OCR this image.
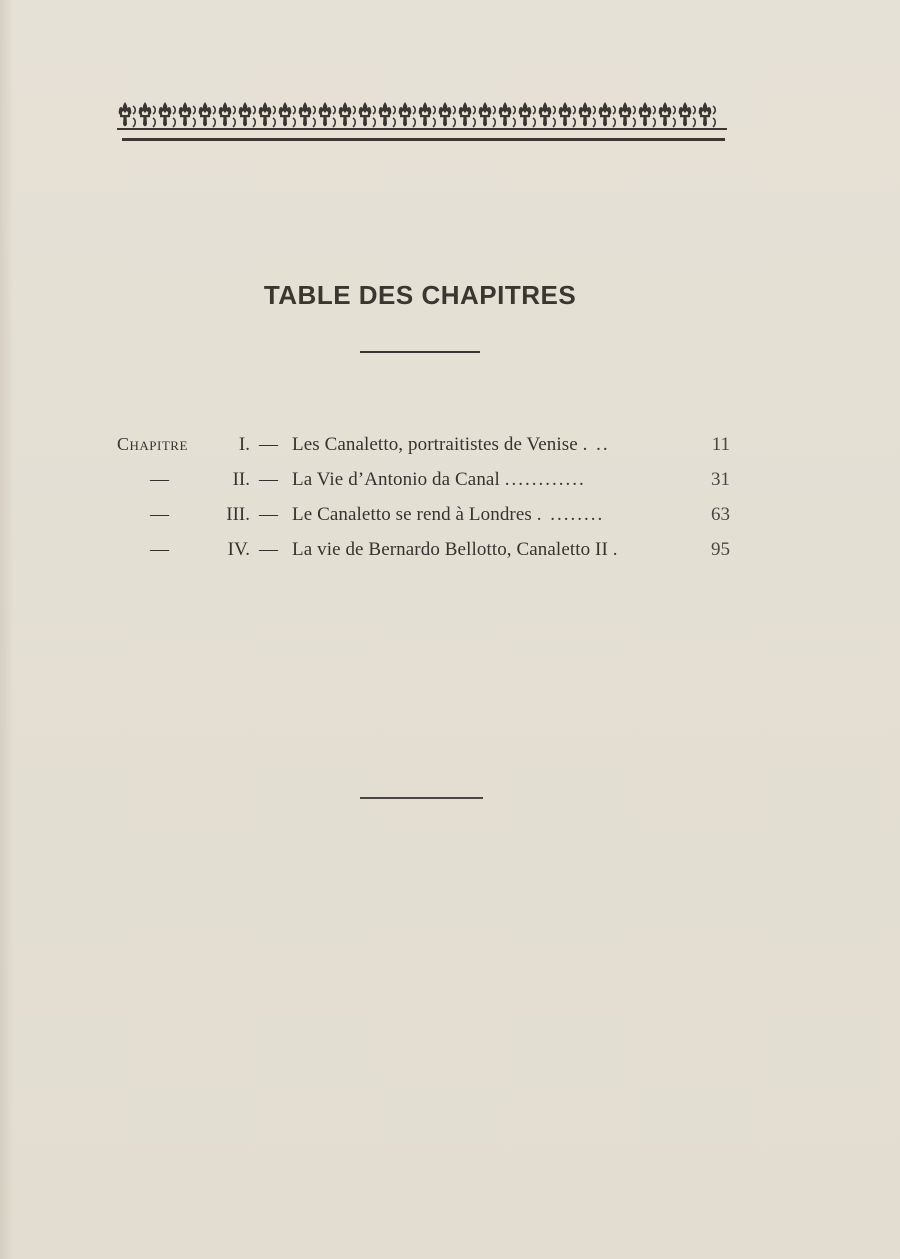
TABLE DES CHAPITRES
Chapitre	I. — Les Canaletto, portraitistes de Venise . ..	11
—	II. — La Vie d’Antonio da Canal ............	31
—	III. — Le Canaletto se rend à Londres . ........	63
—	IV. — La vie de Bernardo Bellotto, Canaletto II .	95
